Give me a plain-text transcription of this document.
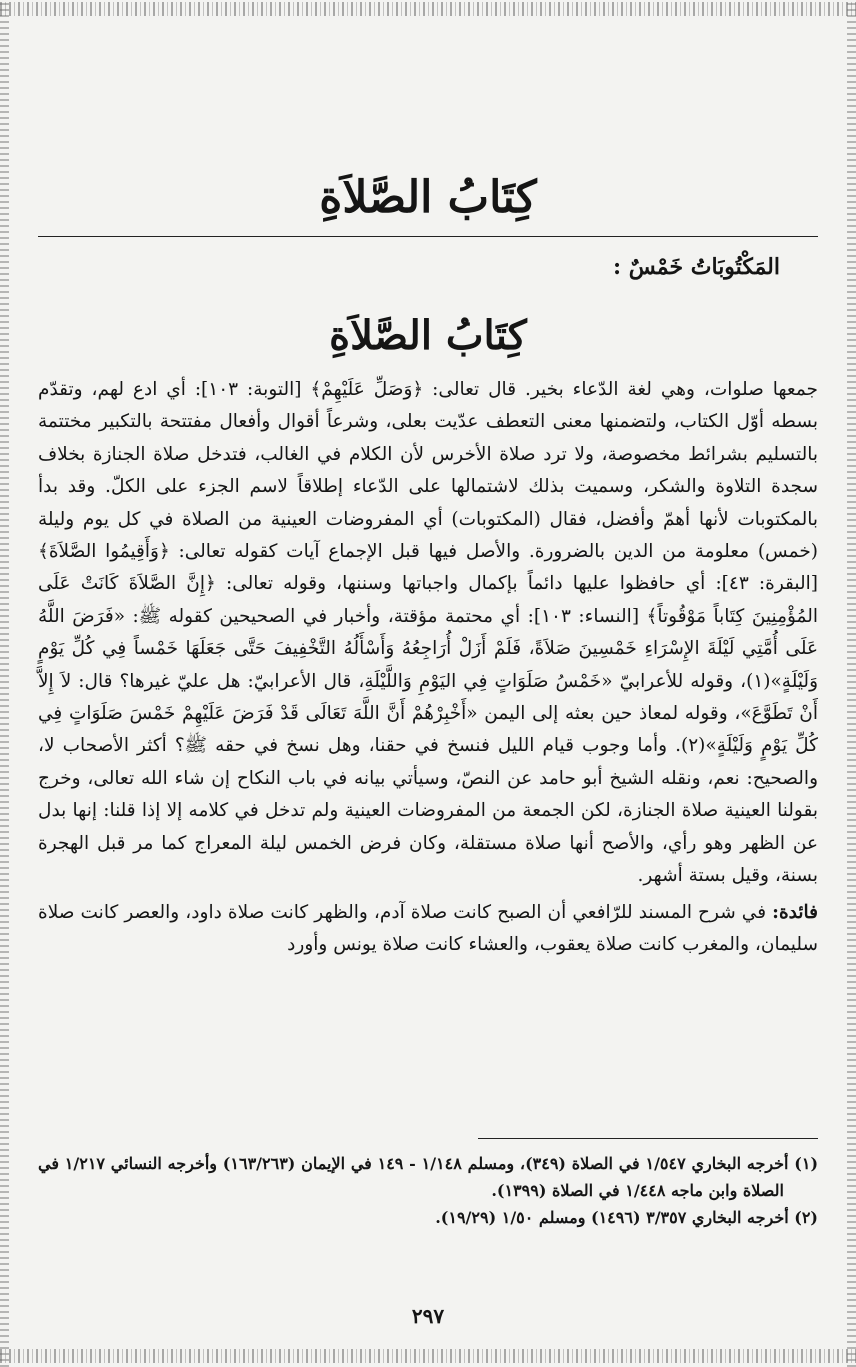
كِتَابُ الصَّلاَةِ
المَكْتُوبَاتُ خَمْسٌ :
كِتَابُ الصَّلاَةِ

جمعها صلوات، وهي لغة الدّعاء بخير. قال تعالى: ﴿وَصَلِّ عَلَيْهِمْ﴾ [التوبة: ١٠٣]: أي ادع لهم، وتقدّم بسطه أوّل الكتاب، ولتضمنها معنى التعطف عدّيت بعلى، وشرعاً أقوال وأفعال مفتتحة بالتكبير مختتمة بالتسليم بشرائط مخصوصة، ولا ترد صلاة الأخرس لأن الكلام في الغالب، فتدخل صلاة الجنازة بخلاف سجدة التلاوة والشكر، وسميت بذلك لاشتمالها على الدّعاء إطلاقاً لاسم الجزء على الكلّ. وقد بدأ بالمكتوبات لأنها أهمّ وأفضل، فقال (المكتوبات) أي المفروضات العينية من الصلاة في كل يوم وليلة (خمس) معلومة من الدين بالضرورة. والأصل فيها قبل الإجماع آيات كقوله تعالى: ﴿وَأَقِيمُوا الصَّلاَةَ﴾ [البقرة: ٤٣]: أي حافظوا عليها دائماً بإكمال واجباتها وسننها، وقوله تعالى: ﴿إِنَّ الصَّلاَةَ كَانَتْ عَلَى المُؤْمِنِينَ كِتَاباً مَوْقُوتاً﴾ [النساء: ١٠٣]: أي محتمة مؤقتة، وأخبار في الصحيحين كقوله ﷺ: «فَرَضَ اللَّهُ عَلَى أُمَّتِي لَيْلَةَ الإِسْرَاءِ خَمْسِينَ صَلاَةً، فَلَمْ أَزَلْ أُرَاجِعُهُ وَأَسْأَلُهُ التَّخْفِيفَ حَتَّى جَعَلَهَا خَمْساً فِي كُلِّ يَوْمٍ وَلَيْلَةٍ»(١)، وقوله للأعرابيّ «خَمْسُ صَلَوَاتٍ فِي اليَوْمِ وَاللَّيْلَةِ، قال الأعرابيّ: هل عليّ غيرها؟ قال: لاَ إِلاَّ أَنْ تَطَوَّعَ»، وقوله لمعاذ حين بعثه إلى اليمن «أَخْبِرْهُمْ أَنَّ اللَّهَ تَعَالَى قَدْ فَرَضَ عَلَيْهِمْ خَمْسَ صَلَوَاتٍ فِي كُلِّ يَوْمٍ وَلَيْلَةٍ»(٢). وأما وجوب قيام الليل فنسخ في حقنا، وهل نسخ في حقه ﷺ؟ أكثر الأصحاب لا، والصحيح: نعم، ونقله الشيخ أبو حامد عن النصّ، وسيأتي بيانه في باب النكاح إن شاء الله تعالى، وخرج بقولنا العينية صلاة الجنازة، لكن الجمعة من المفروضات العينية ولم تدخل في كلامه إلا إذا قلنا: إنها بدل عن الظهر وهو رأي، والأصح أنها صلاة مستقلة، وكان فرض الخمس ليلة المعراج كما مر قبل الهجرة بسنة، وقيل بستة أشهر.

فائدة: في شرح المسند للرّافعي أن الصبح كانت صلاة آدم، والظهر كانت صلاة داود، والعصر كانت صلاة سليمان، والمغرب كانت صلاة يعقوب، والعشاء كانت صلاة يونس وأورد

(١) أخرجه البخاري ١/٥٤٧ في الصلاة (٣٤٩)، ومسلم ١/١٤٨ - ١٤٩ في الإيمان (١٦٣/٢٦٣) وأخرجه النسائي ١/٢١٧ في الصلاة وابن ماجه ١/٤٤٨ في الصلاة (١٣٩٩).

(٢) أخرجه البخاري ٣/٣٥٧ (١٤٩٦) ومسلم ١/٥٠ (١٩/٢٩).

٢٩٧
